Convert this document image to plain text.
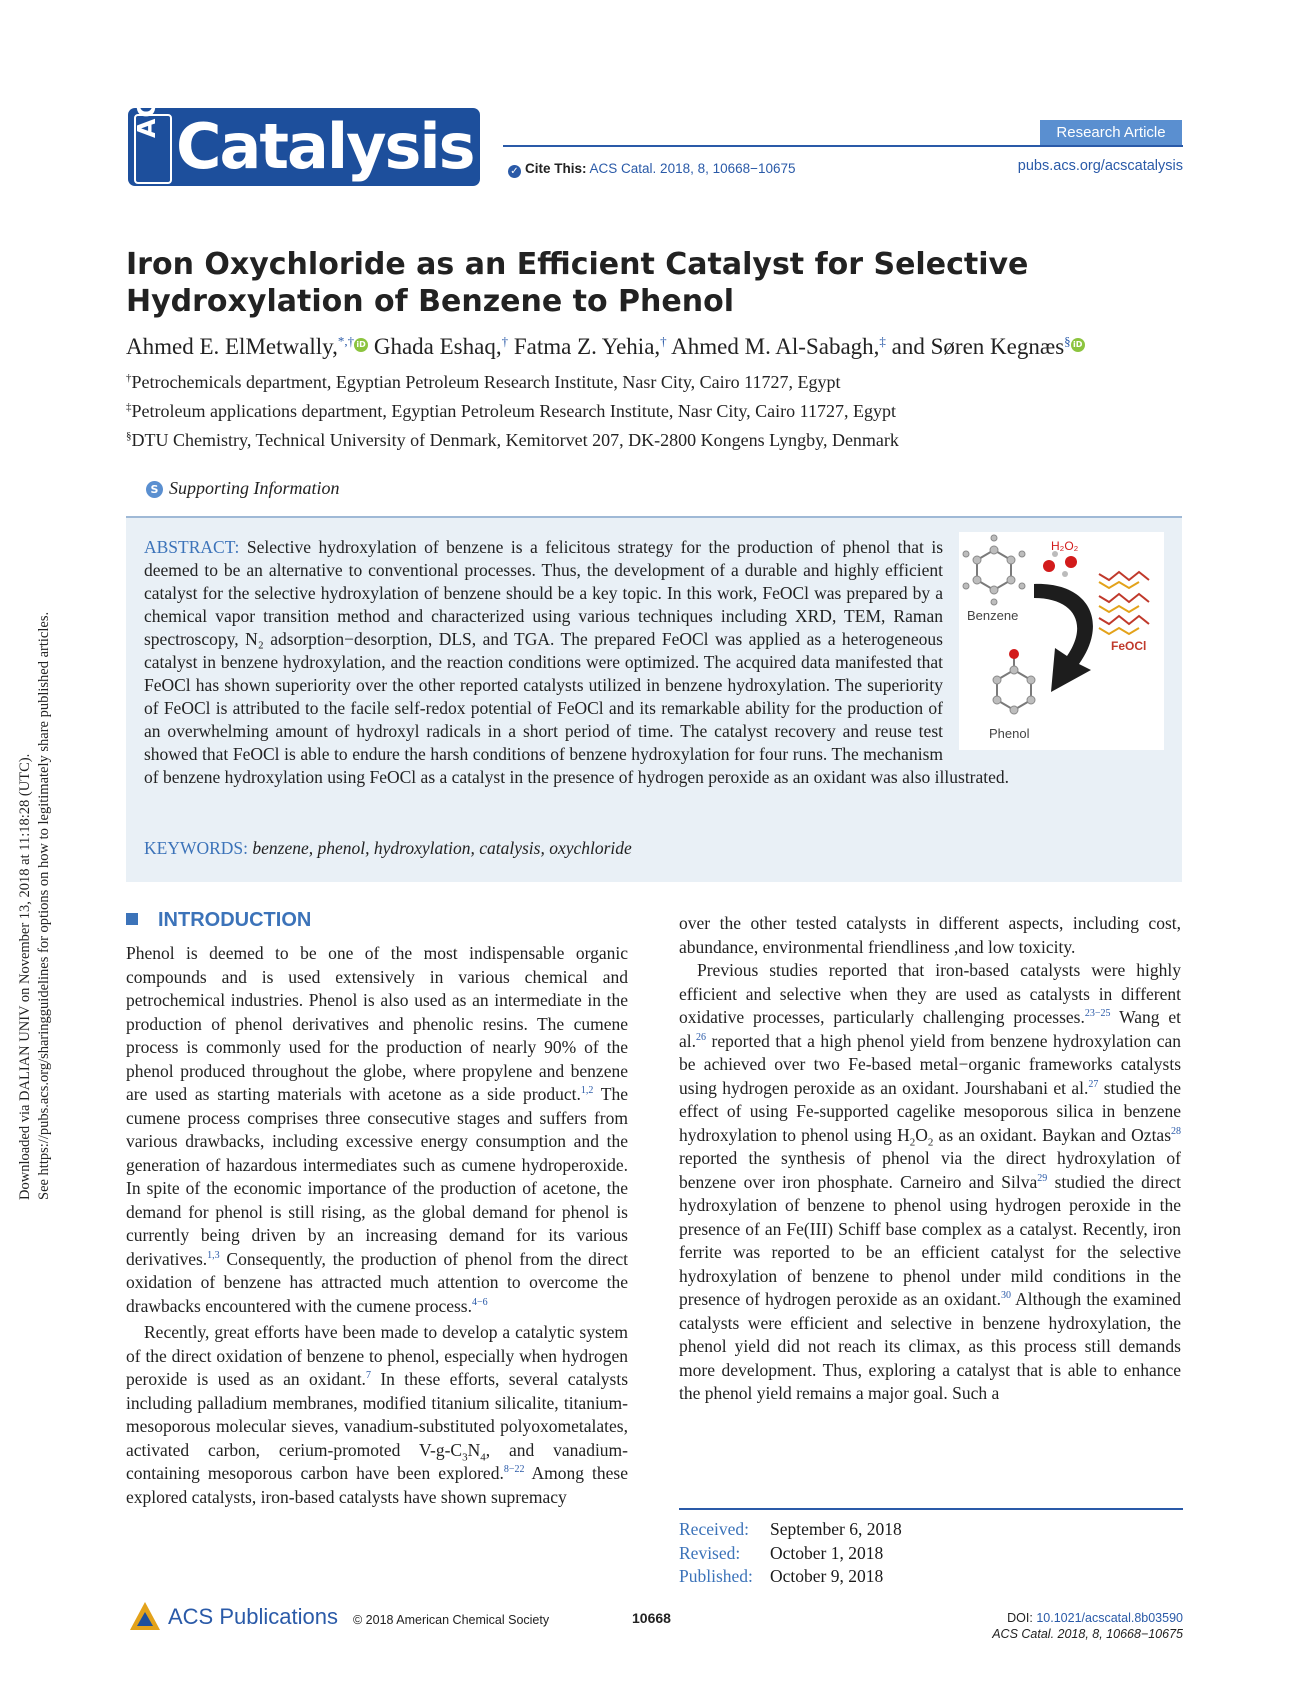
Downloaded via DALIAN UNIV on November 13, 2018 at 11:18:28 (UTC). See https://pubs.acs.org/sharingguidelines for options on how to legitimately share published articles.
ACS
Catalysis	Research Article
✓ Cite This: ACS Catal. 2018, 8, 10668−10675	pubs.acs.org/acscatalysis
Iron Oxychloride as an Efficient Catalyst for Selective Hydroxylation of Benzene to Phenol
Ahmed E. ElMetwally,*,† iD Ghada Eshaq,† Fatma Z. Yehia,† Ahmed M. Al-Sabagh,‡ and Søren Kegnæs§ iD
†Petrochemicals department, Egyptian Petroleum Research Institute, Nasr City, Cairo 11727, Egypt
‡Petroleum applications department, Egyptian Petroleum Research Institute, Nasr City, Cairo 11727, Egypt
§DTU Chemistry, Technical University of Denmark, Kemitorvet 207, DK-2800 Kongens Lyngby, Denmark
S Supporting Information

Benzene
H₂O₂
FeOCl
Phenol
ABSTRACT: Selective hydroxylation of benzene is a felicitous strategy for the production of phenol that is deemed to be an alternative to conventional processes. Thus, the development of a durable and highly efficient catalyst for the selective hydroxylation of benzene should be a key topic. In this work, FeOCl was prepared by a chemical vapor transition method and characterized using various techniques including XRD, TEM, Raman spectroscopy, N₂ adsorption−desorption, DLS, and TGA. The prepared FeOCl was applied as a heterogeneous catalyst in benzene hydroxylation, and the reaction conditions were optimized. The acquired data manifested that FeOCl has shown superiority over the other reported catalysts utilized in benzene hydroxylation. The superiority of FeOCl is attributed to the facile self-redox potential of FeOCl and its remarkable ability for the production of an overwhelming amount of hydroxyl radicals in a short period of time. The catalyst recovery and reuse test showed that FeOCl is able to endure the harsh conditions of benzene hydroxylation for four runs. The mechanism of benzene hydroxylation using FeOCl as a catalyst in the presence of hydrogen peroxide as an oxidant was also illustrated.

KEYWORDS: benzene, phenol, hydroxylation, catalysis, oxychloride
INTRODUCTION

Phenol is deemed to be one of the most indispensable organic compounds and is used extensively in various chemical and petrochemical industries. Phenol is also used as an intermediate in the production of phenol derivatives and phenolic resins. The cumene process is commonly used for the production of nearly 90% of the phenol produced throughout the globe, where propylene and benzene are used as starting materials with acetone as a side product.$^{1,2}$ The cumene process comprises three consecutive stages and suffers from various drawbacks, including excessive energy consumption and the generation of hazardous intermediates such as cumene hydroperoxide. In spite of the economic importance of the production of acetone, the demand for phenol is still rising, as the global demand for phenol is currently being driven by an increasing demand for its various derivatives.$^{1,3}$ Consequently, the production of phenol from the direct oxidation of benzene has attracted much attention to overcome the drawbacks encountered with the cumene process.$^{4-6}$

Recently, great efforts have been made to develop a catalytic system of the direct oxidation of benzene to phenol, especially when hydrogen peroxide is used as an oxidant.$^7$ In these efforts, several catalysts including palladium membranes, modified titanium silicalite, titanium-mesoporous molecular sieves, vanadium-substituted polyoxometalates, activated carbon, cerium-promoted $V-g-C_3N_4$, and vanadium-containing mesoporous carbon have been explored.$^{8-22}$ Among these explored catalysts, iron-based catalysts have shown supremacy

over the other tested catalysts in different aspects, including cost, abundance, environmental friendliness ,and low toxicity.

Previous studies reported that iron-based catalysts were highly efficient and selective when they are used as catalysts in different oxidative processes, particularly challenging processes.$^{23-25}$ Wang et al.$^{26}$ reported that a high phenol yield from benzene hydroxylation can be achieved over two Fe-based metal−organic frameworks catalysts using hydrogen peroxide as an oxidant. Jourshabani et al.$^{27}$ studied the effect of using Fe-supported cagelike mesoporous silica in benzene hydroxylation to phenol using $H_2O_2$ as an oxidant. Baykan and Oztas$^{28}$ reported the synthesis of phenol via the direct hydroxylation of benzene over iron phosphate. Carneiro and Silva$^{29}$ studied the direct hydroxylation of benzene to phenol using hydrogen peroxide in the presence of an Fe(III) Schiff base complex as a catalyst. Recently, iron ferrite was reported to be an efficient catalyst for the selective hydroxylation of benzene to phenol under mild conditions in the presence of hydrogen peroxide as an oxidant.$^{30}$ Although the examined catalysts were efficient and selective in benzene hydroxylation, the phenol yield did not reach its climax, as this process still demands more development. Thus, exploring a catalyst that is able to enhance the phenol yield remains a major goal. Such a

Received:	September 6, 2018
Revised:	October 1, 2018
Published: October 9, 2018
ACS Publications © 2018 American Chemical Society	10668	DOI: 10.1021/acscatal.8b03590
ACS Catal. 2018, 8, 10668−10675
